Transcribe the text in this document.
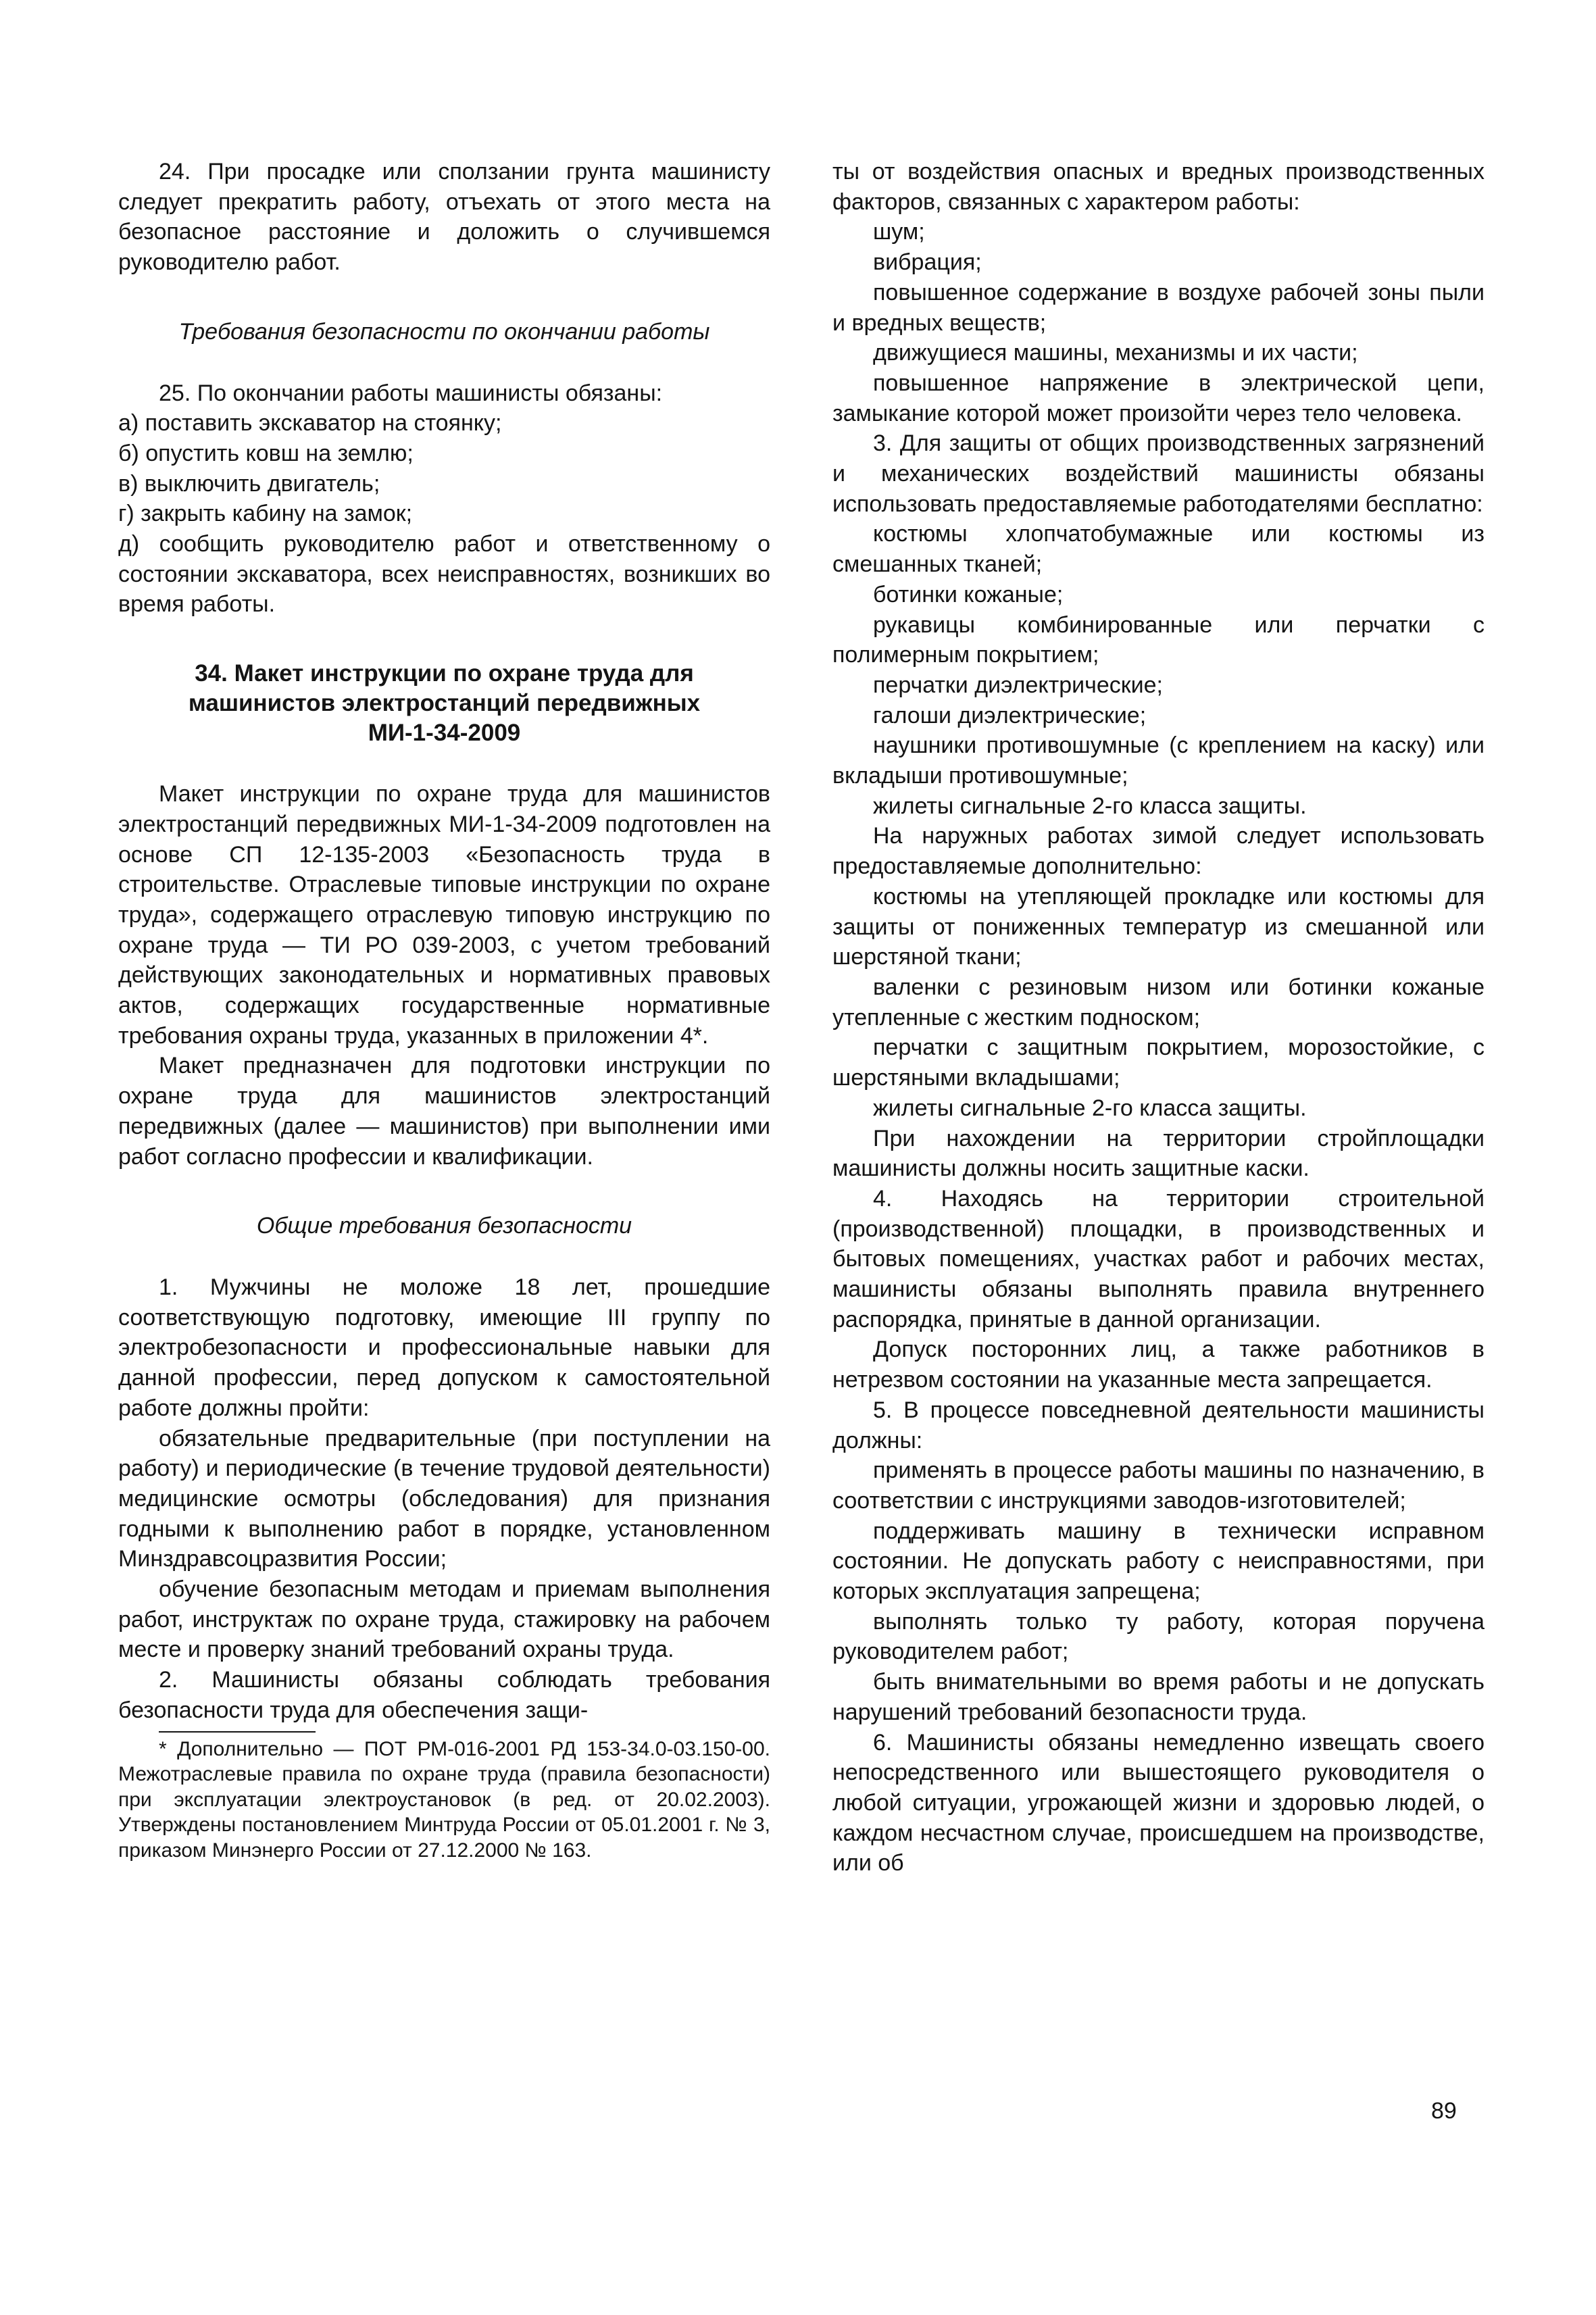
24. При просадке или сползании грунта машинисту следует прекратить работу, отъехать от этого места на безопасное расстояние и доложить о случившемся руководителю работ.

Требования безопасности по окончании работы

25. По окончании работы машинисты обязаны:

а) поставить экскаватор на стоянку;

б) опустить ковш на землю;

в) выключить двигатель;

г) закрыть кабину на замок;

д) сообщить руководителю работ и ответственному о состоянии экскаватора, всех неисправностях, возникших во время работы.

34. Макет инструкции по охране труда для машинистов электростанций передвижных
МИ-1-34-2009

Макет инструкции по охране труда для машинистов электростанций передвижных МИ-1-34-2009 подготовлен на основе СП 12-135-2003 «Безопасность труда в строительстве. Отраслевые типовые инструкции по охране труда», содержащего отраслевую типовую инструкцию по охране труда — ТИ РО 039-2003, с учетом требований действующих законодательных и нормативных правовых актов, содержащих государственные нормативные требования охраны труда, указанных в приложении 4*.

Макет предназначен для подготовки инструкции по охране труда для машинистов электростанций передвижных (далее — машинистов) при выполнении ими работ согласно профессии и квалификации.

Общие требования безопасности

1. Мужчины не моложе 18 лет, прошедшие соответствующую подготовку, имеющие III группу по электробезопасности и профессиональные навыки для данной профессии, перед допуском к самостоятельной работе должны пройти:

обязательные предварительные (при поступлении на работу) и периодические (в течение трудовой деятельности) медицинские осмотры (обследования) для признания годными к выполнению работ в порядке, установленном Минздравсоцразвития России;

обучение безопасным методам и приемам выполнения работ, инструктаж по охране труда, стажировку на рабочем месте и проверку знаний требований охраны труда.

2. Машинисты обязаны соблюдать требования безопасности труда для обеспечения защи-

* Дополнительно — ПОТ РМ-016-2001 РД 153-34.0-03.150-00. Межотраслевые правила по охране труда (правила безопасности) при эксплуатации электроустановок (в ред. от 20.02.2003). Утверждены постановлением Минтруда России от 05.01.2001 г. № 3, приказом Минэнерго России от 27.12.2000 № 163.

ты от воздействия опасных и вредных производственных факторов, связанных с характером работы:

шум;

вибрация;

повышенное содержание в воздухе рабочей зоны пыли и вредных веществ;

движущиеся машины, механизмы и их части;

повышенное напряжение в электрической цепи, замыкание которой может произойти через тело человека.

3. Для защиты от общих производственных загрязнений и механических воздействий машинисты обязаны использовать предоставляемые работодателями бесплатно:

костюмы хлопчатобумажные или костюмы из смешанных тканей;

ботинки кожаные;

рукавицы комбинированные или перчатки с полимерным покрытием;

перчатки диэлектрические;

галоши диэлектрические;

наушники противошумные (с креплением на каску) или вкладыши противошумные;

жилеты сигнальные 2-го класса защиты.

На наружных работах зимой следует использовать предоставляемые дополнительно:

костюмы на утепляющей прокладке или костюмы для защиты от пониженных температур из смешанной или шерстяной ткани;

валенки с резиновым низом или ботинки кожаные утепленные с жестким подноском;

перчатки с защитным покрытием, морозостойкие, с шерстяными вкладышами;

жилеты сигнальные 2-го класса защиты.

При нахождении на территории стройплощадки машинисты должны носить защитные каски.

4. Находясь на территории строительной (производственной) площадки, в производственных и бытовых помещениях, участках работ и рабочих местах, машинисты обязаны выполнять правила внутреннего распорядка, принятые в данной организации.

Допуск посторонних лиц, а также работников в нетрезвом состоянии на указанные места запрещается.

5. В процессе повседневной деятельности машинисты должны:

применять в процессе работы машины по назначению, в соответствии с инструкциями заводов-изготовителей;

поддерживать машину в технически исправном состоянии. Не допускать работу с неисправностями, при которых эксплуатация запрещена;

выполнять только ту работу, которая поручена руководителем работ;

быть внимательными во время работы и не допускать нарушений требований безопасности труда.

6. Машинисты обязаны немедленно извещать своего непосредственного или вышестоящего руководителя о любой ситуации, угрожающей жизни и здоровью людей, о каждом несчастном случае, происшедшем на производстве, или об

89
